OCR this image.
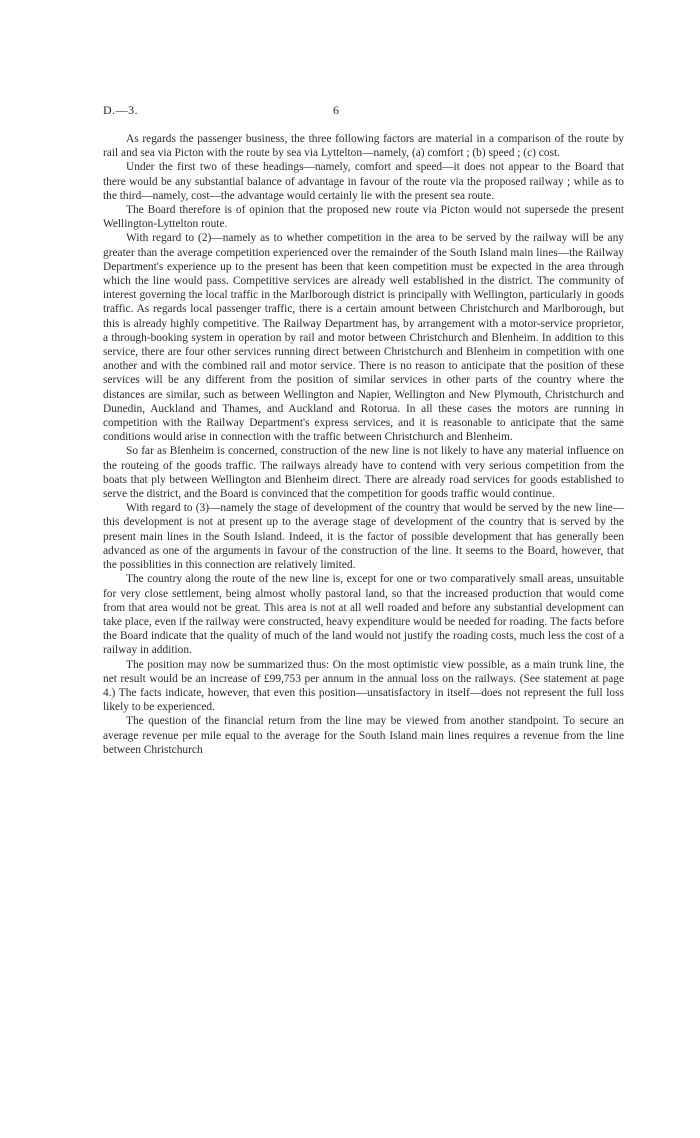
D.—3.	6

As regards the passenger business, the three following factors are material in a comparison of the route by rail and sea via Picton with the route by sea via Lyttelton—namely, (a) comfort ; (b) speed ; (c) cost.

Under the first two of these headings—namely, comfort and speed—it does not appear to the Board that there would be any substantial balance of advantage in favour of the route via the proposed railway ; while as to the third—namely, cost—the advantage would certainly lie with the present sea route.

The Board therefore is of opinion that the proposed new route via Picton would not supersede the present Wellington-Lyttelton route.

With regard to (2)—namely as to whether competition in the area to be served by the railway will be any greater than the average competition experienced over the remainder of the South Island main lines—the Railway Department's experience up to the present has been that keen competition must be expected in the area through which the line would pass. Competitive services are already well established in the district. The community of interest governing the local traffic in the Marlborough district is principally with Wellington, particularly in goods traffic. As regards local passenger traffic, there is a certain amount between Christchurch and Marlborough, but this is already highly competitive. The Railway Department has, by arrangement with a motor-service proprietor, a through-booking system in operation by rail and motor between Christchurch and Blenheim. In addition to this service, there are four other services running direct between Christchurch and Blenheim in competition with one another and with the combined rail and motor service. There is no reason to anticipate that the position of these services will be any different from the position of similar services in other parts of the country where the distances are similar, such as between Wellington and Napier, Wellington and New Plymouth, Christchurch and Dunedin, Auckland and Thames, and Auckland and Rotorua. In all these cases the motors are running in competition with the Railway Department's express services, and it is reasonable to anticipate that the same conditions would arise in connection with the traffic between Christchurch and Blenheim.

So far as Blenheim is concerned, construction of the new line is not likely to have any material influence on the routeing of the goods traffic. The railways already have to contend with very serious competition from the boats that ply between Wellington and Blenheim direct. There are already road services for goods established to serve the district, and the Board is convinced that the competition for goods traffic would continue.

With regard to (3)—namely the stage of development of the country that would be served by the new line—this development is not at present up to the average stage of development of the country that is served by the present main lines in the South Island. Indeed, it is the factor of possible development that has generally been advanced as one of the arguments in favour of the construction of the line. It seems to the Board, however, that the possiblities in this connection are relatively limited.

The country along the route of the new line is, except for one or two comparatively small areas, unsuitable for very close settlement, being almost wholly pastoral land, so that the increased production that would come from that area would not be great. This area is not at all well roaded and before any substantial development can take place, even if the railway were constructed, heavy expenditure would be needed for roading. The facts before the Board indicate that the quality of much of the land would not justify the roading costs, much less the cost of a railway in addition.

The position may now be summarized thus: On the most optimistic view possible, as a main trunk line, the net result would be an increase of £99,753 per annum in the annual loss on the railways. (See statement at page 4.) The facts indicate, however, that even this position—unsatisfactory in itself—does not represent the full loss likely to be experienced.

The question of the financial return from the line may be viewed from another standpoint. To secure an average revenue per mile equal to the average for the South Island main lines requires a revenue from the line between Christchurch
